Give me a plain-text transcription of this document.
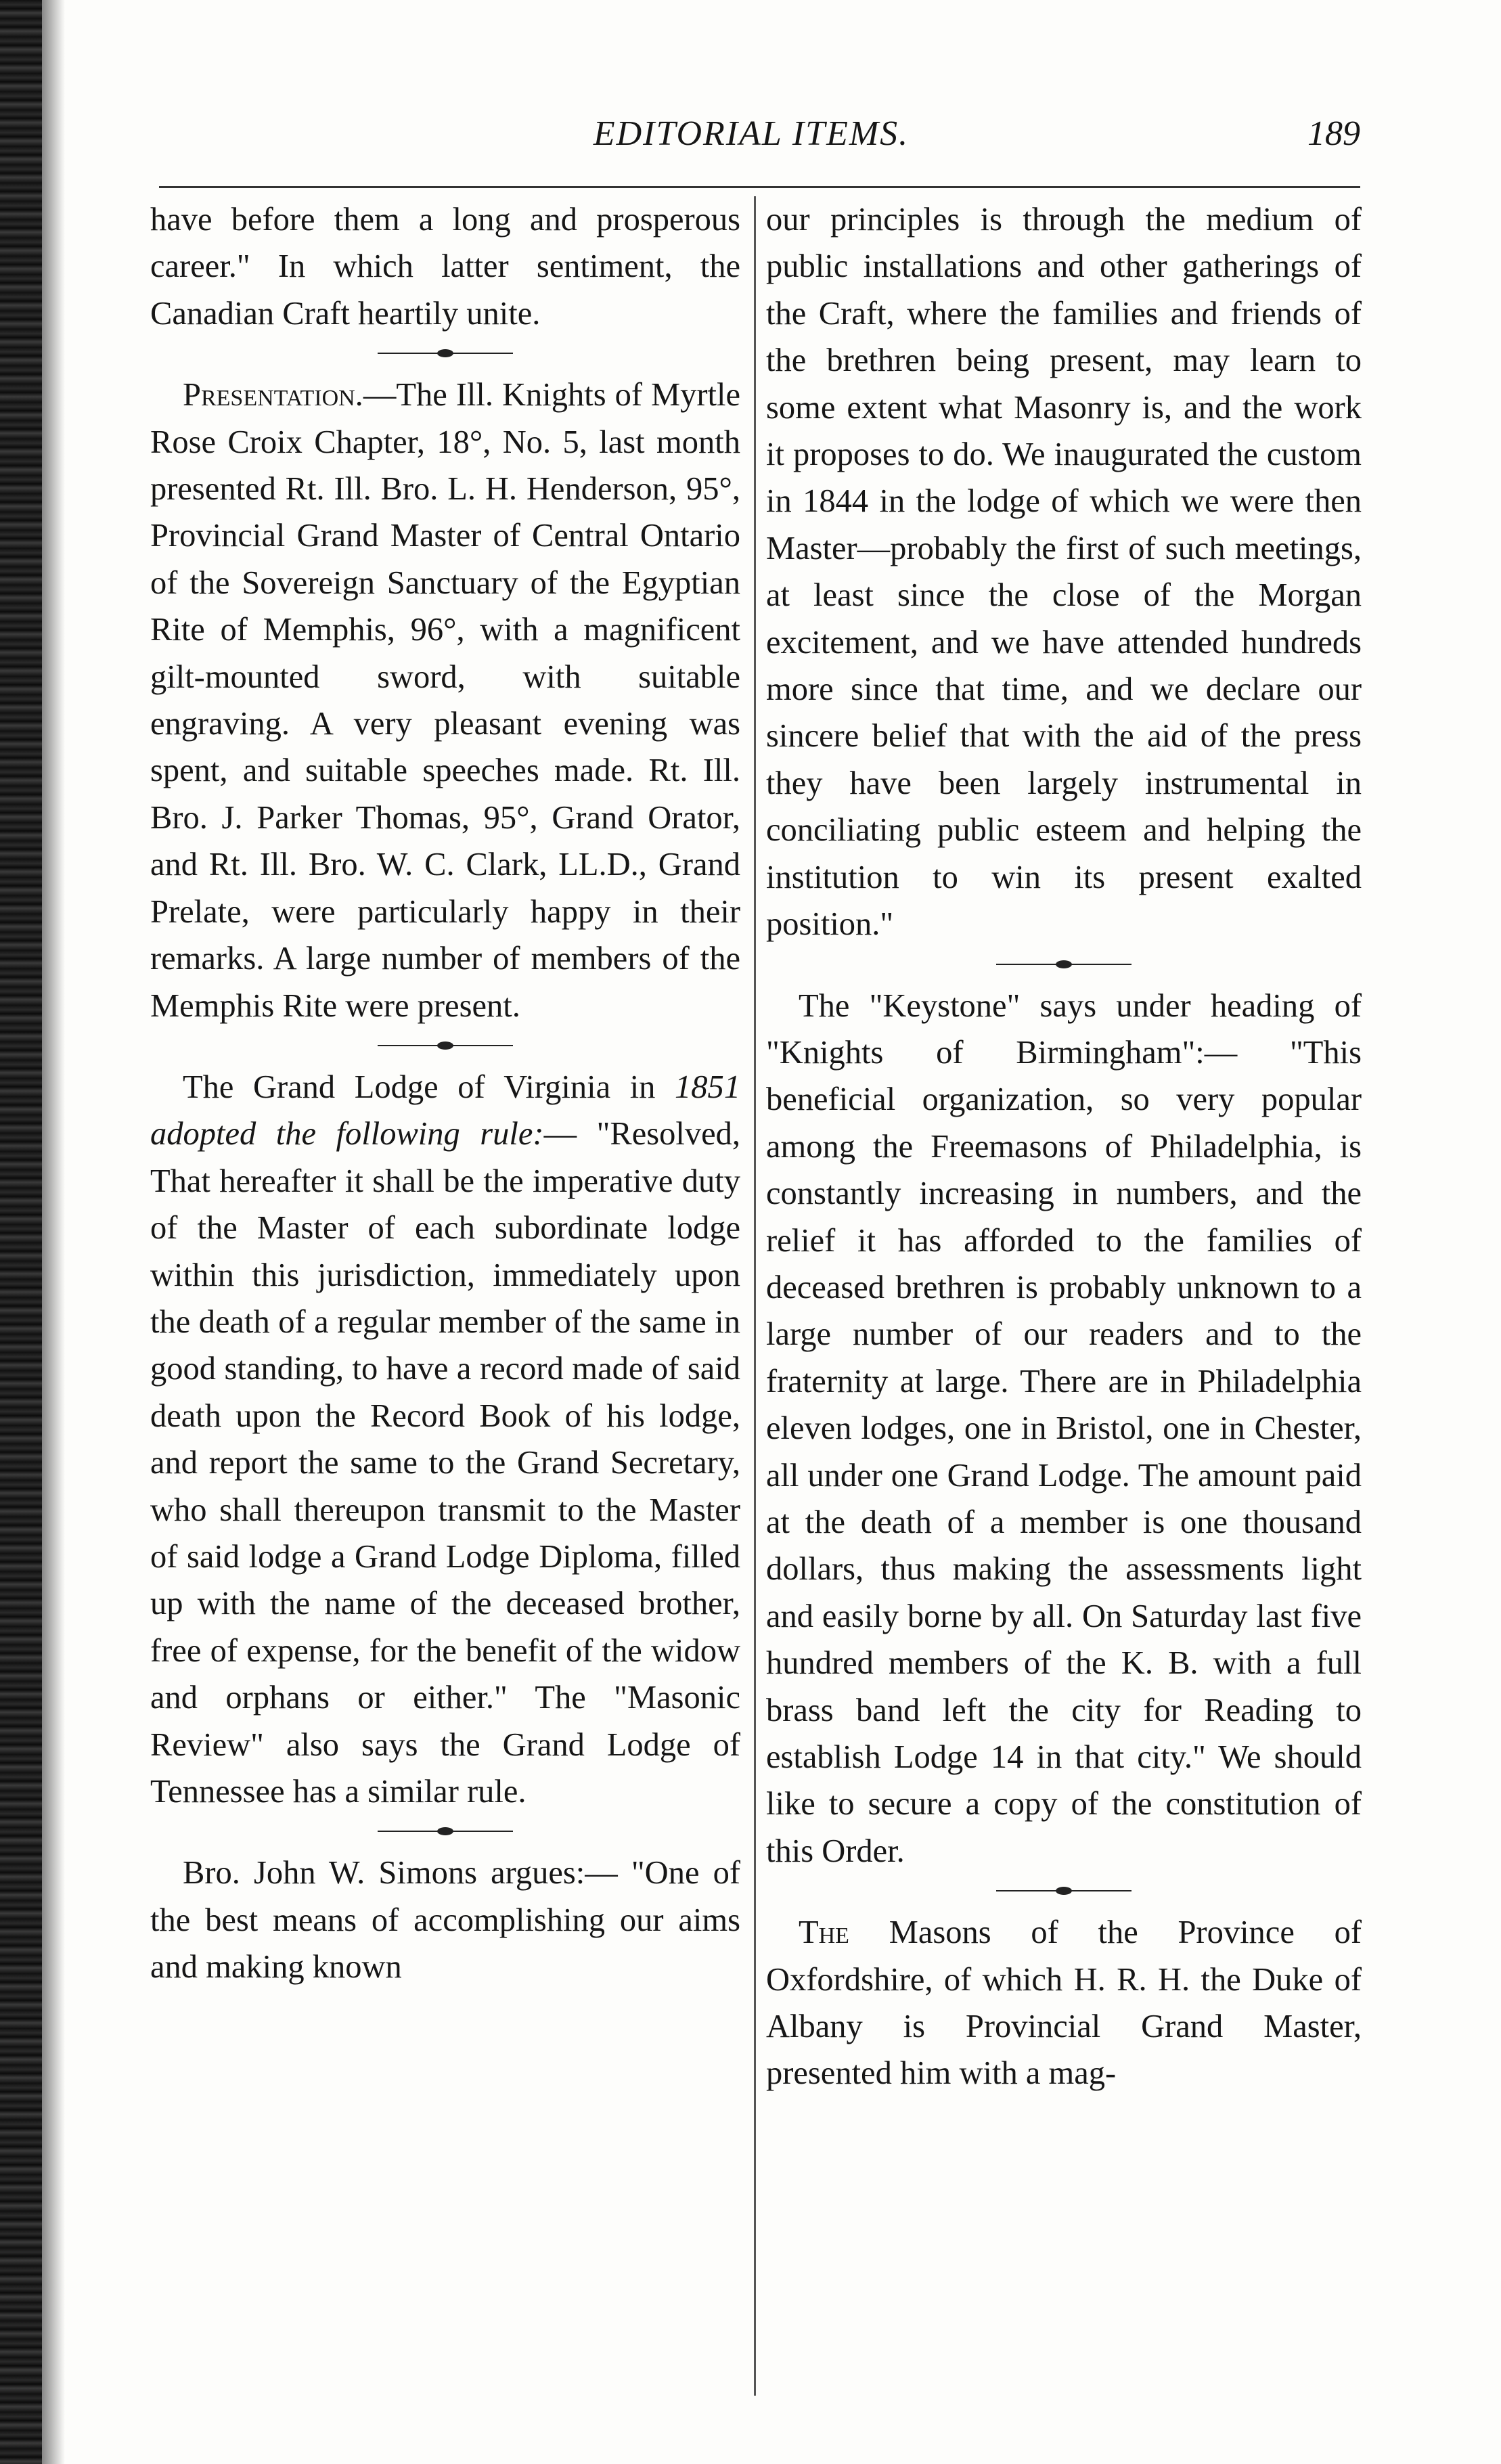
EDITORIAL ITEMS.	189

have before them a long and prosperous career." In which latter sentiment, the Canadian Craft heartily unite.

Presentation.—The Ill. Knights of Myrtle Rose Croix Chapter, 18°, No. 5, last month presented Rt. Ill. Bro. L. H. Henderson, 95°, Provincial Grand Master of Central Ontario of the Sovereign Sanctuary of the Egyptian Rite of Memphis, 96°, with a magnificent gilt-mounted sword, with suitable engraving. A very pleasant evening was spent, and suitable speeches made. Rt. Ill. Bro. J. Parker Thomas, 95°, Grand Orator, and Rt. Ill. Bro. W. C. Clark, LL.D., Grand Prelate, were particularly happy in their remarks. A large number of members of the Memphis Rite were present.

The Grand Lodge of Virginia in 1851 adopted the following rule:— "Resolved, That hereafter it shall be the imperative duty of the Master of each subordinate lodge within this jurisdiction, immediately upon the death of a regular member of the same in good standing, to have a record made of said death upon the Record Book of his lodge, and report the same to the Grand Secretary, who shall thereupon transmit to the Master of said lodge a Grand Lodge Diploma, filled up with the name of the deceased brother, free of expense, for the benefit of the widow and orphans or either." The "Masonic Review" also says the Grand Lodge of Tennessee has a similar rule.

Bro. John W. Simons argues:— "One of the best means of accomplishing our aims and making known

our principles is through the medium of public installations and other gatherings of the Craft, where the families and friends of the brethren being present, may learn to some extent what Masonry is, and the work it proposes to do. We inaugurated the custom in 1844 in the lodge of which we were then Master—probably the first of such meetings, at least since the close of the Morgan excitement, and we have attended hundreds more since that time, and we declare our sincere belief that with the aid of the press they have been largely instrumental in conciliating public esteem and helping the institution to win its present exalted position."

The "Keystone" says under heading of "Knights of Birmingham":— "This beneficial organization, so very popular among the Freemasons of Philadelphia, is constantly increasing in numbers, and the relief it has afforded to the families of deceased brethren is probably unknown to a large number of our readers and to the fraternity at large. There are in Philadelphia eleven lodges, one in Bristol, one in Chester, all under one Grand Lodge. The amount paid at the death of a member is one thousand dollars, thus making the assessments light and easily borne by all. On Saturday last five hundred members of the K. B. with a full brass band left the city for Reading to establish Lodge 14 in that city." We should like to secure a copy of the constitution of this Order.

The Masons of the Province of Oxfordshire, of which H. R. H. the Duke of Albany is Provincial Grand Master, presented him with a mag-
